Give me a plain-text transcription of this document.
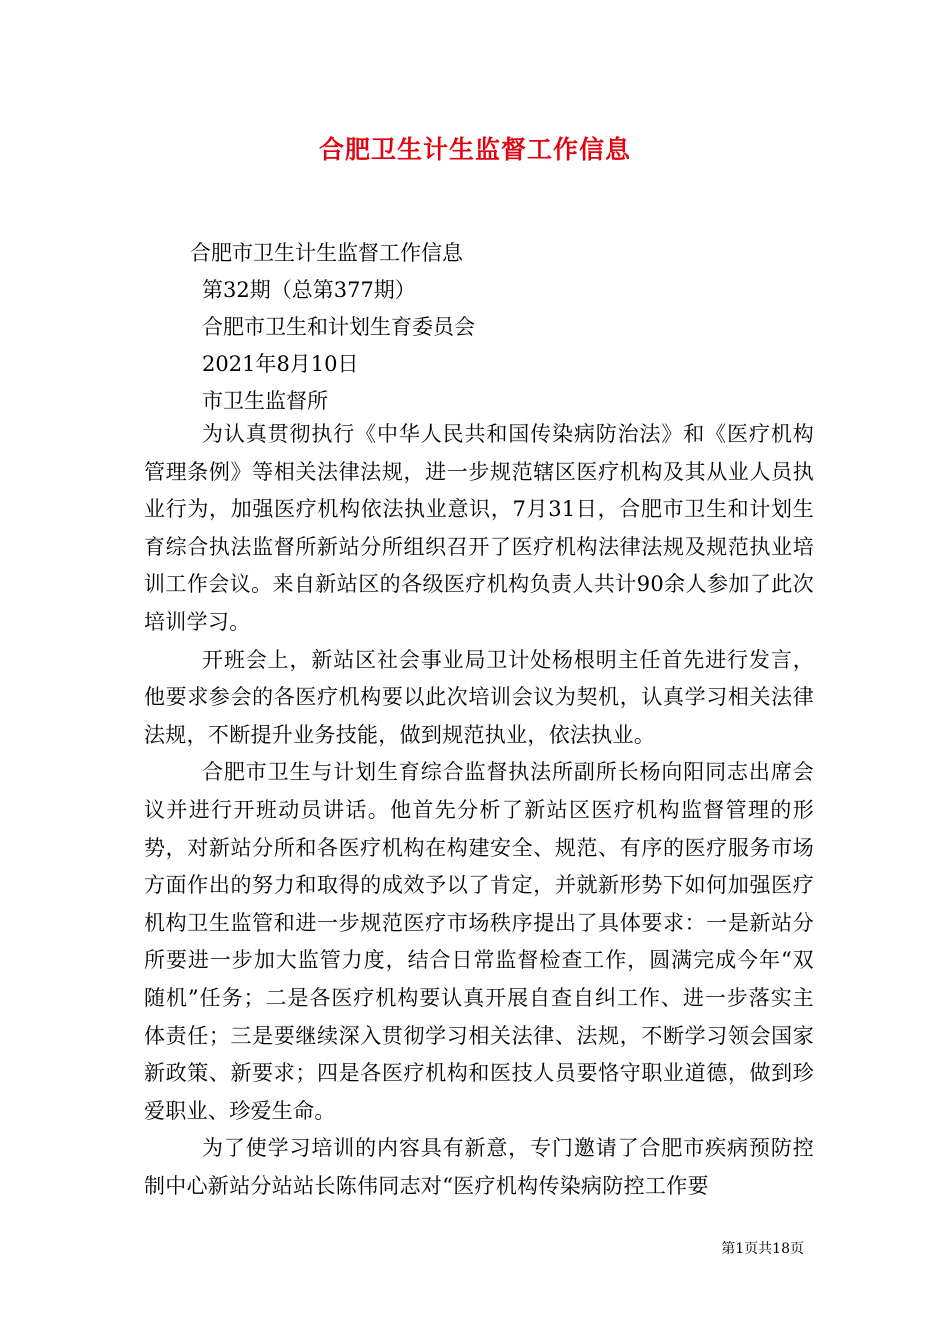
合肥卫生计生监督工作信息
合肥市卫生计生监督工作信息
第32期（总第377期）
合肥市卫生和计划生育委员会
2021年8月10日
市卫生监督所

为认真贯彻执行《中华人民共和国传染病防治法》和《医疗机构管理条例》等相关法律法规，进一步规范辖区医疗机构及其从业人员执业行为，加强医疗机构依法执业意识，7月31日，合肥市卫生和计划生育综合执法监督所新站分所组织召开了医疗机构法律法规及规范执业培训工作会议。来自新站区的各级医疗机构负责人共计90余人参加了此次培训学习。

开班会上，新站区社会事业局卫计处杨根明主任首先进行发言，他要求参会的各医疗机构要以此次培训会议为契机，认真学习相关法律法规，不断提升业务技能，做到规范执业，依法执业。

合肥市卫生与计划生育综合监督执法所副所长杨向阳同志出席会议并进行开班动员讲话。他首先分析了新站区医疗机构监督管理的形势，对新站分所和各医疗机构在构建安全、规范、有序的医疗服务市场方面作出的努力和取得的成效予以了肯定，并就新形势下如何加强医疗机构卫生监管和进一步规范医疗市场秩序提出了具体要求：一是新站分所要进一步加大监管力度，结合日常监督检查工作，圆满完成今年“双随机”任务；二是各医疗机构要认真开展自查自纠工作、进一步落实主体责任；三是要继续深入贯彻学习相关法律、法规，不断学习领会国家新政策、新要求；四是各医疗机构和医技人员要恪守职业道德，做到珍爱职业、珍爱生命。

为了使学习培训的内容具有新意，专门邀请了合肥市疾病预防控制中心新站分站站长陈伟同志对“医疗机构传染病防控工作要

第1页共18页
